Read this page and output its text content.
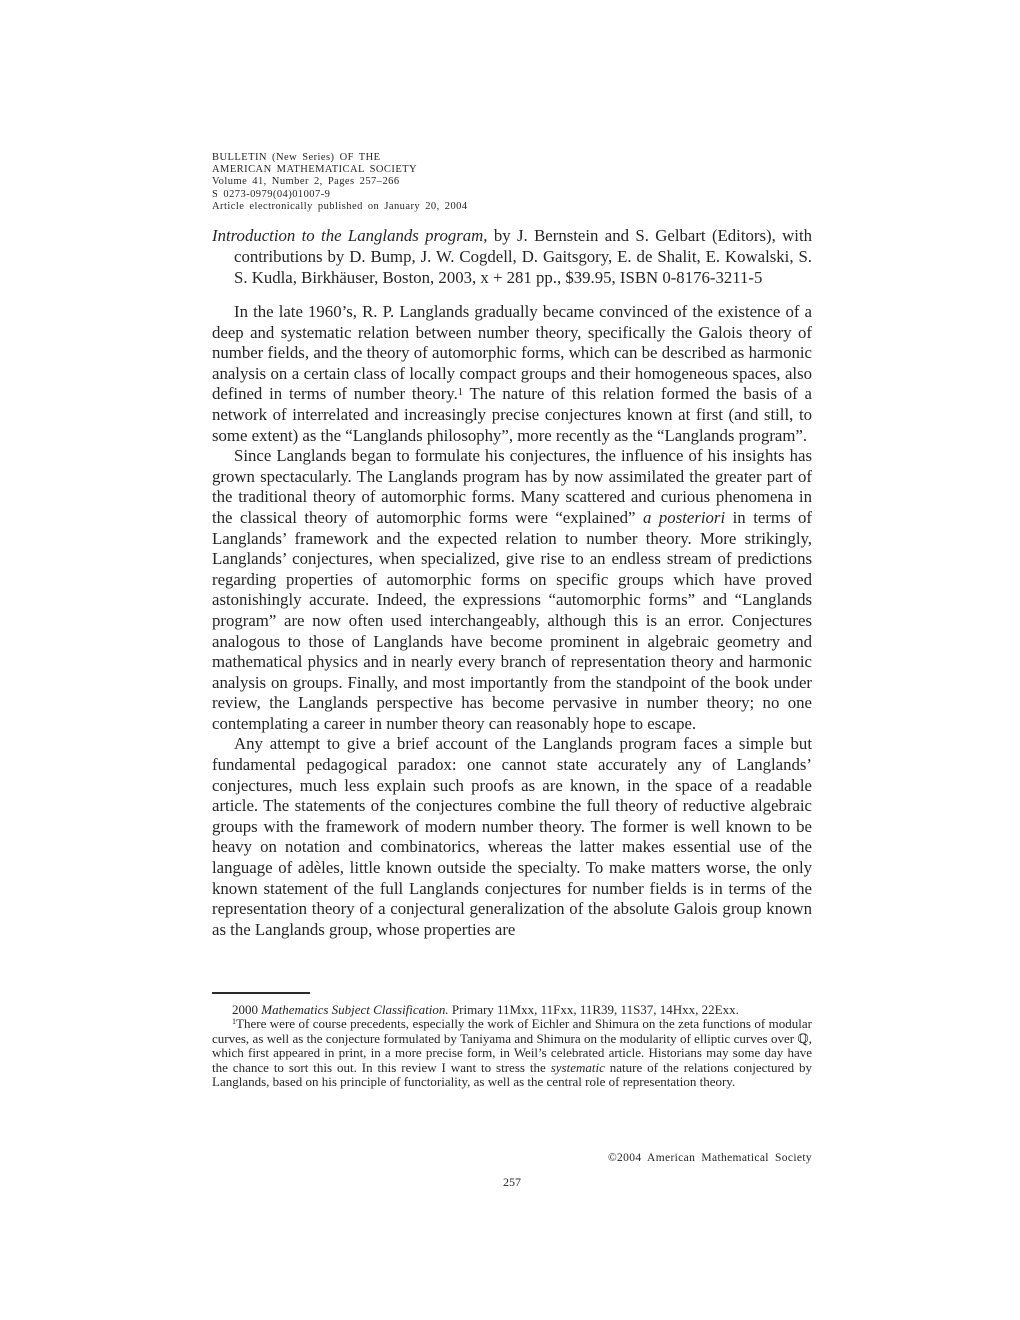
BULLETIN (New Series) OF THE
AMERICAN MATHEMATICAL SOCIETY
Volume 41, Number 2, Pages 257–266
S 0273-0979(04)01007-9
Article electronically published on January 20, 2004
Introduction to the Langlands program, by J. Bernstein and S. Gelbart (Editors), with contributions by D. Bump, J. W. Cogdell, D. Gaitsgory, E. de Shalit, E. Kowalski, S. S. Kudla, Birkhäuser, Boston, 2003, x + 281 pp., $39.95, ISBN 0-8176-3211-5

In the late 1960’s, R. P. Langlands gradually became convinced of the existence of a deep and systematic relation between number theory, specifically the Galois theory of number fields, and the theory of automorphic forms, which can be described as harmonic analysis on a certain class of locally compact groups and their homogeneous spaces, also defined in terms of number theory.$^1$ The nature of this relation formed the basis of a network of interrelated and increasingly precise conjectures known at first (and still, to some extent) as the “Langlands philosophy”, more recently as the “Langlands program”.

Since Langlands began to formulate his conjectures, the influence of his insights has grown spectacularly. The Langlands program has by now assimilated the greater part of the traditional theory of automorphic forms. Many scattered and curious phenomena in the classical theory of automorphic forms were “explained” a posteriori in terms of Langlands’ framework and the expected relation to number theory. More strikingly, Langlands’ conjectures, when specialized, give rise to an endless stream of predictions regarding properties of automorphic forms on specific groups which have proved astonishingly accurate. Indeed, the expressions “automorphic forms” and “Langlands program” are now often used interchangeably, although this is an error. Conjectures analogous to those of Langlands have become prominent in algebraic geometry and mathematical physics and in nearly every branch of representation theory and harmonic analysis on groups. Finally, and most importantly from the standpoint of the book under review, the Langlands perspective has become pervasive in number theory; no one contemplating a career in number theory can reasonably hope to escape.

Any attempt to give a brief account of the Langlands program faces a simple but fundamental pedagogical paradox: one cannot state accurately any of Langlands’ conjectures, much less explain such proofs as are known, in the space of a readable article. The statements of the conjectures combine the full theory of reductive algebraic groups with the framework of modern number theory. The former is well known to be heavy on notation and combinatorics, whereas the latter makes essential use of the language of adèles, little known outside the specialty. To make matters worse, the only known statement of the full Langlands conjectures for number fields is in terms of the representation theory of a conjectural generalization of the absolute Galois group known as the Langlands group, whose properties are

2000 Mathematics Subject Classification. Primary 11Mxx, 11Fxx, 11R39, 11S37, 14Hxx, 22Exx.

$^1$There were of course precedents, especially the work of Eichler and Shimura on the zeta functions of modular curves, as well as the conjecture formulated by Taniyama and Shimura on the modularity of elliptic curves over ℚ, which first appeared in print, in a more precise form, in Weil’s celebrated article. Historians may some day have the chance to sort this out. In this review I want to stress the systematic nature of the relations conjectured by Langlands, based on his principle of functoriality, as well as the central role of representation theory.

©2004 American Mathematical Society
257
